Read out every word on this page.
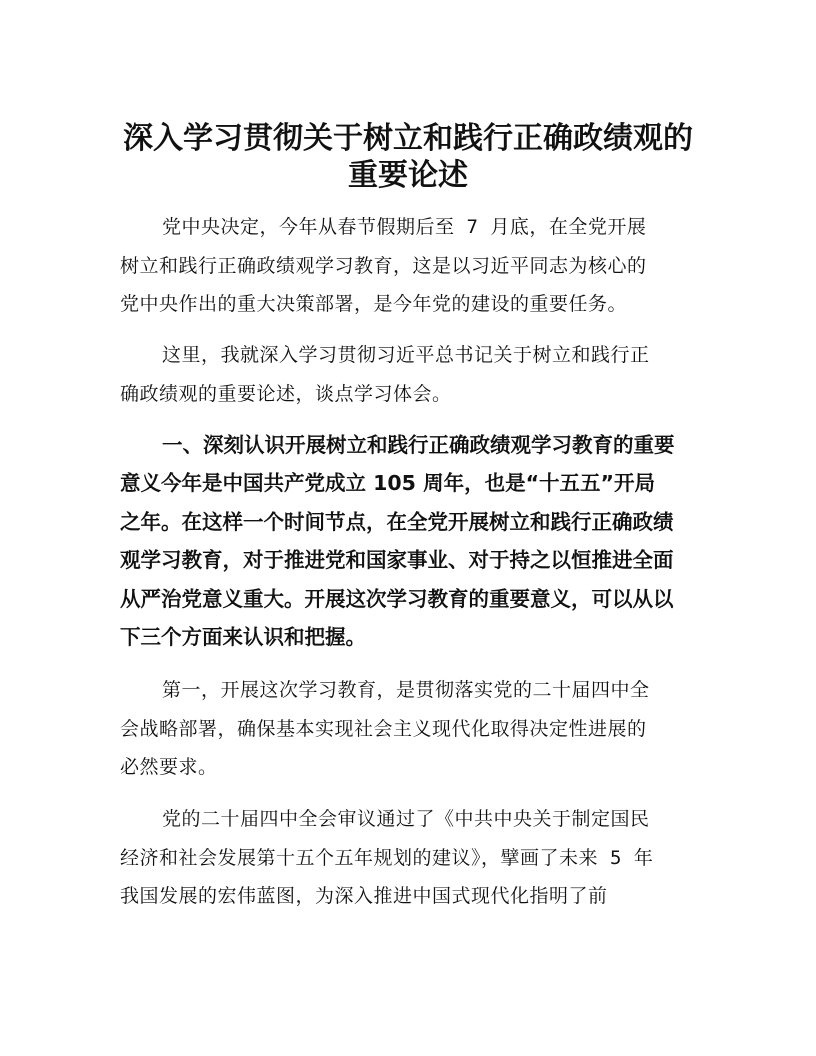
深入学习贯彻关于树立和践行正确政绩观的
重要论述
党中央决定，今年从春节假期后至 7 月底，在全党开展
树立和践行正确政绩观学习教育，这是以习近平同志为核心的
党中央作出的重大决策部署，是今年党的建设的重要任务。
这里，我就深入学习贯彻习近平总书记关于树立和践行正
确政绩观的重要论述，谈点学习体会。
一、深刻认识开展树立和践行正确政绩观学习教育的重要
意义今年是中国共产党成立 105 周年，也是“十五五”开局
之年。在这样一个时间节点，在全党开展树立和践行正确政绩
观学习教育，对于推进党和国家事业、对于持之以恒推进全面
从严治党意义重大。开展这次学习教育的重要意义，可以从以
下三个方面来认识和把握。
第一，开展这次学习教育，是贯彻落实党的二十届四中全
会战略部署，确保基本实现社会主义现代化取得决定性进展的
必然要求。
党的二十届四中全会审议通过了《中共中央关于制定国民
经济和社会发展第十五个五年规划的建议》，擘画了未来 5 年
我国发展的宏伟蓝图，为深入推进中国式现代化指明了前
